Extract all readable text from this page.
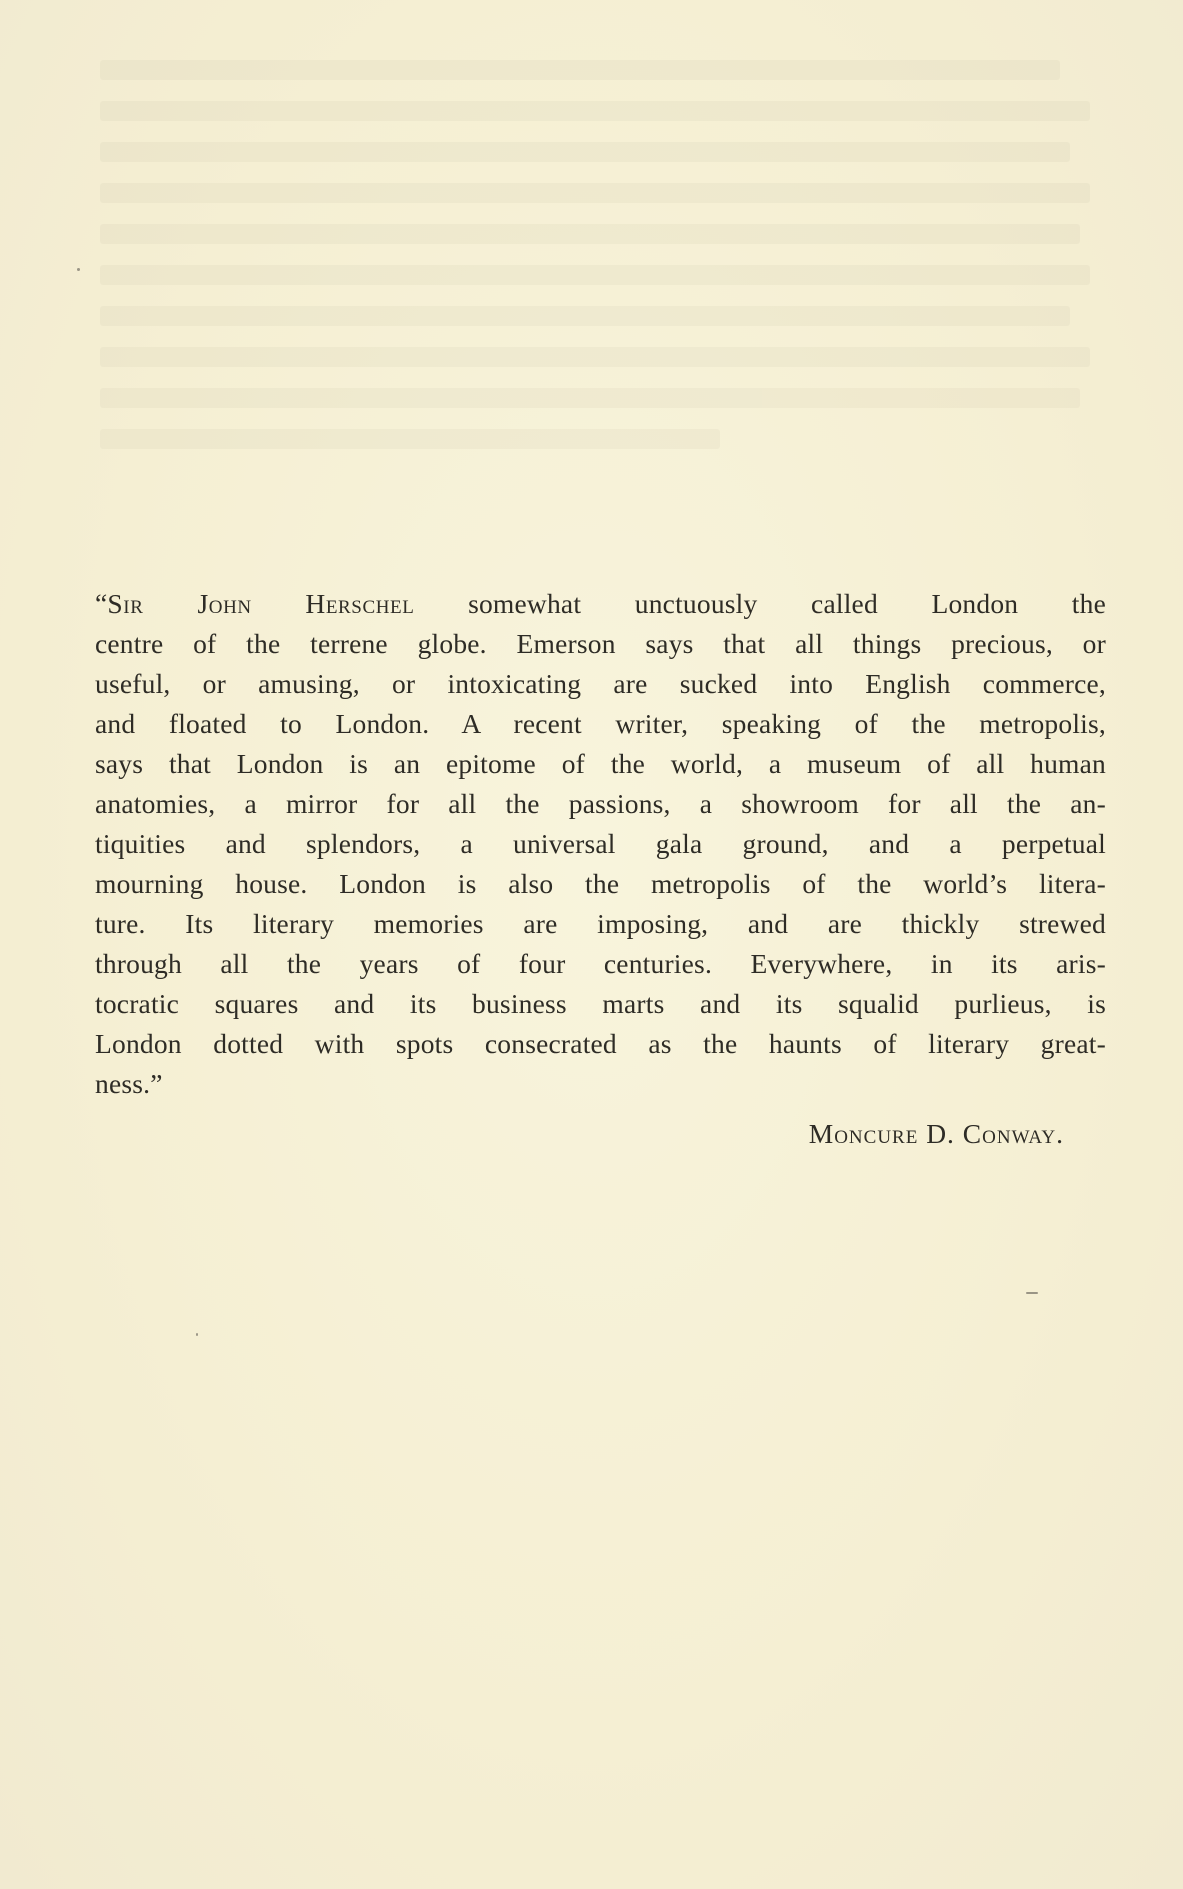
“Sir John Herschel somewhat unctuously called London the
centre of the terrene globe. Emerson says that all things precious, or
useful, or amusing, or intoxicating are sucked into English commerce,
and floated to London. A recent writer, speaking of the metropolis,
says that London is an epitome of the world, a museum of all human
anatomies, a mirror for all the passions, a showroom for all the an-
tiquities and splendors, a universal gala ground, and a perpetual
mourning house. London is also the metropolis of the world’s litera-
ture. Its literary memories are imposing, and are thickly strewed
through all the years of four centuries. Everywhere, in its aris-
tocratic squares and its business marts and its squalid purlieus, is
London dotted with spots consecrated as the haunts of literary great-
ness.”
Moncure D. Conway.
